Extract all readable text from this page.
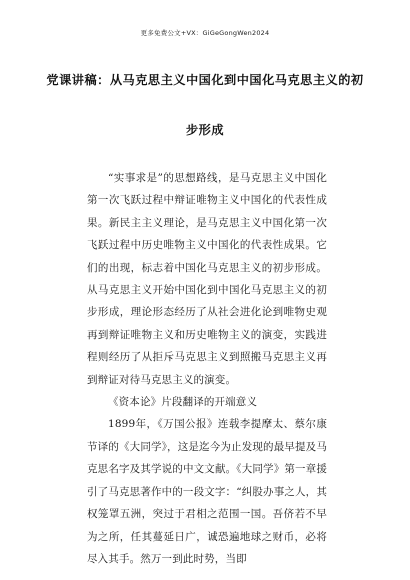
更多免费公文+VX：GiGeGongWen2024
党课讲稿：从马克思主义中国化到中国化马克思主义的初
步形成

“实事求是”的思想路线，是马克思主义中国化第一次飞跃过程中辩证唯物主义中国化的代表性成果。新民主主义理论，是马克思主义中国化第一次飞跃过程中历史唯物主义中国化的代表性成果。它们的出现，标志着中国化马克思主义的初步形成。从马克思主义开始中国化到中国化马克思主义的初步形成，理论形态经历了从社会进化论到唯物史观再到辩证唯物主义和历史唯物主义的演变，实践进程则经历了从拒斥马克思主义到照搬马克思主义再到辩证对待马克思主义的演变。

《资本论》片段翻译的开端意义

1899年，《万国公报》连载李提摩太、蔡尔康节译的《大同学》，这是迄今为止发现的最早提及马克思名字及其学说的中文文献。《大同学》第一章援引了马克思著作中的一段文字：“纠股办事之人，其权笼罩五洲，突过于君相之范围一国。吾侪若不早为之所，任其蔓延日广，诚恐遍地球之财币，必将尽入其手。然万一到此时势，当即
